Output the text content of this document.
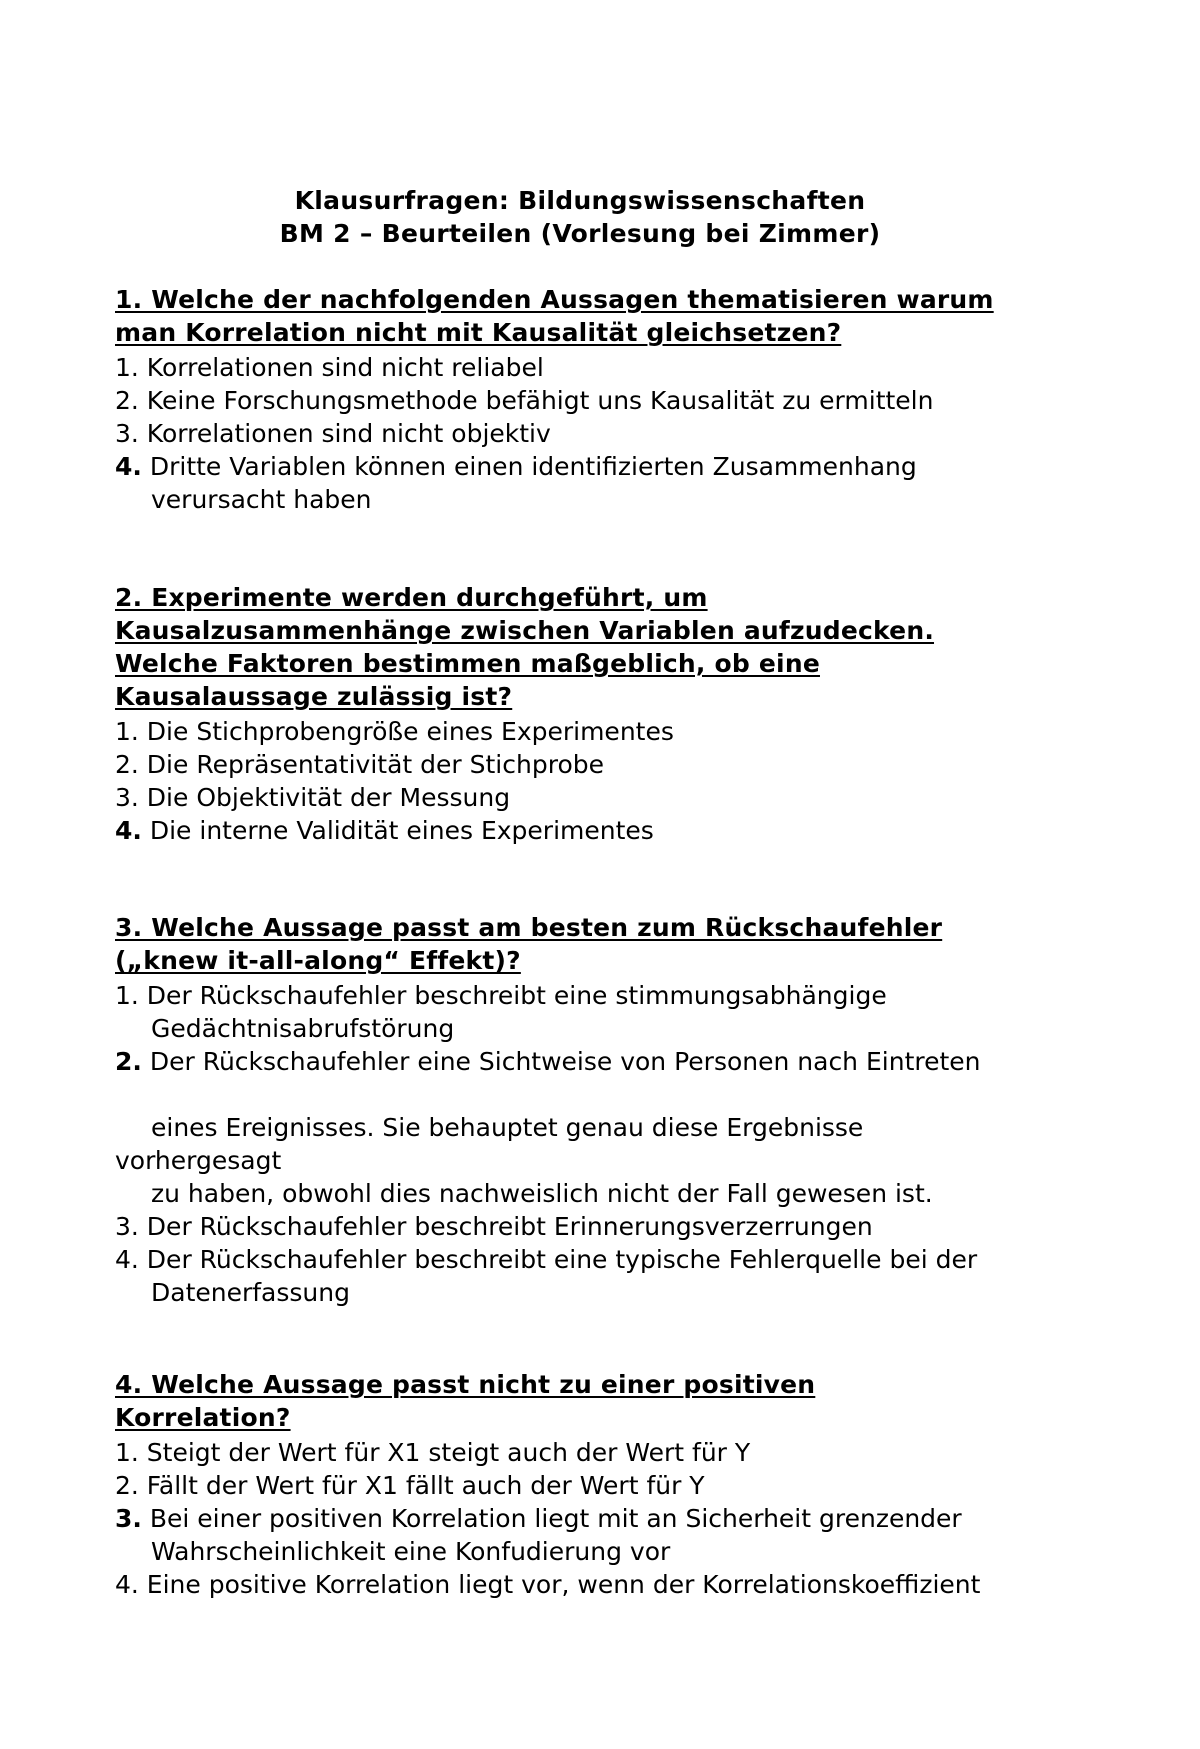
Klausurfragen: Bildungswissenschaften
BM 2 – Beurteilen (Vorlesung bei Zimmer)
1. Welche der nachfolgenden Aussagen thematisieren warum
man Korrelation nicht mit Kausalität gleichsetzen?
1. Korrelationen sind nicht reliabel
2. Keine Forschungsmethode befähigt uns Kausalität zu ermitteln
3. Korrelationen sind nicht objektiv
4. Dritte Variablen können einen identifizierten Zusammenhang
verursacht haben
2. Experimente werden durchgeführt, um
Kausalzusammenhänge zwischen Variablen aufzudecken.
Welche Faktoren bestimmen maßgeblich, ob eine
Kausalaussage zulässig ist?
1. Die Stichprobengröße eines Experimentes
2. Die Repräsentativität der Stichprobe
3. Die Objektivität der Messung
4. Die interne Validität eines Experimentes
3. Welche Aussage passt am besten zum Rückschaufehler
(„knew it-all-along“ Effekt)?
1. Der Rückschaufehler beschreibt eine stimmungsabhängige
Gedächtnisabrufstörung
2. Der Rückschaufehler eine Sichtweise von Personen nach Eintreten
eines Ereignisses. Sie behauptet genau diese Ergebnisse
vorhergesagt
zu haben, obwohl dies nachweislich nicht der Fall gewesen ist.
3. Der Rückschaufehler beschreibt Erinnerungsverzerrungen
4. Der Rückschaufehler beschreibt eine typische Fehlerquelle bei der
Datenerfassung
4. Welche Aussage passt nicht zu einer positiven
Korrelation?
1. Steigt der Wert für X1 steigt auch der Wert für Y
2. Fällt der Wert für X1 fällt auch der Wert für Y
3. Bei einer positiven Korrelation liegt mit an Sicherheit grenzender
Wahrscheinlichkeit eine Konfudierung vor
4. Eine positive Korrelation liegt vor, wenn der Korrelationskoeffizient
